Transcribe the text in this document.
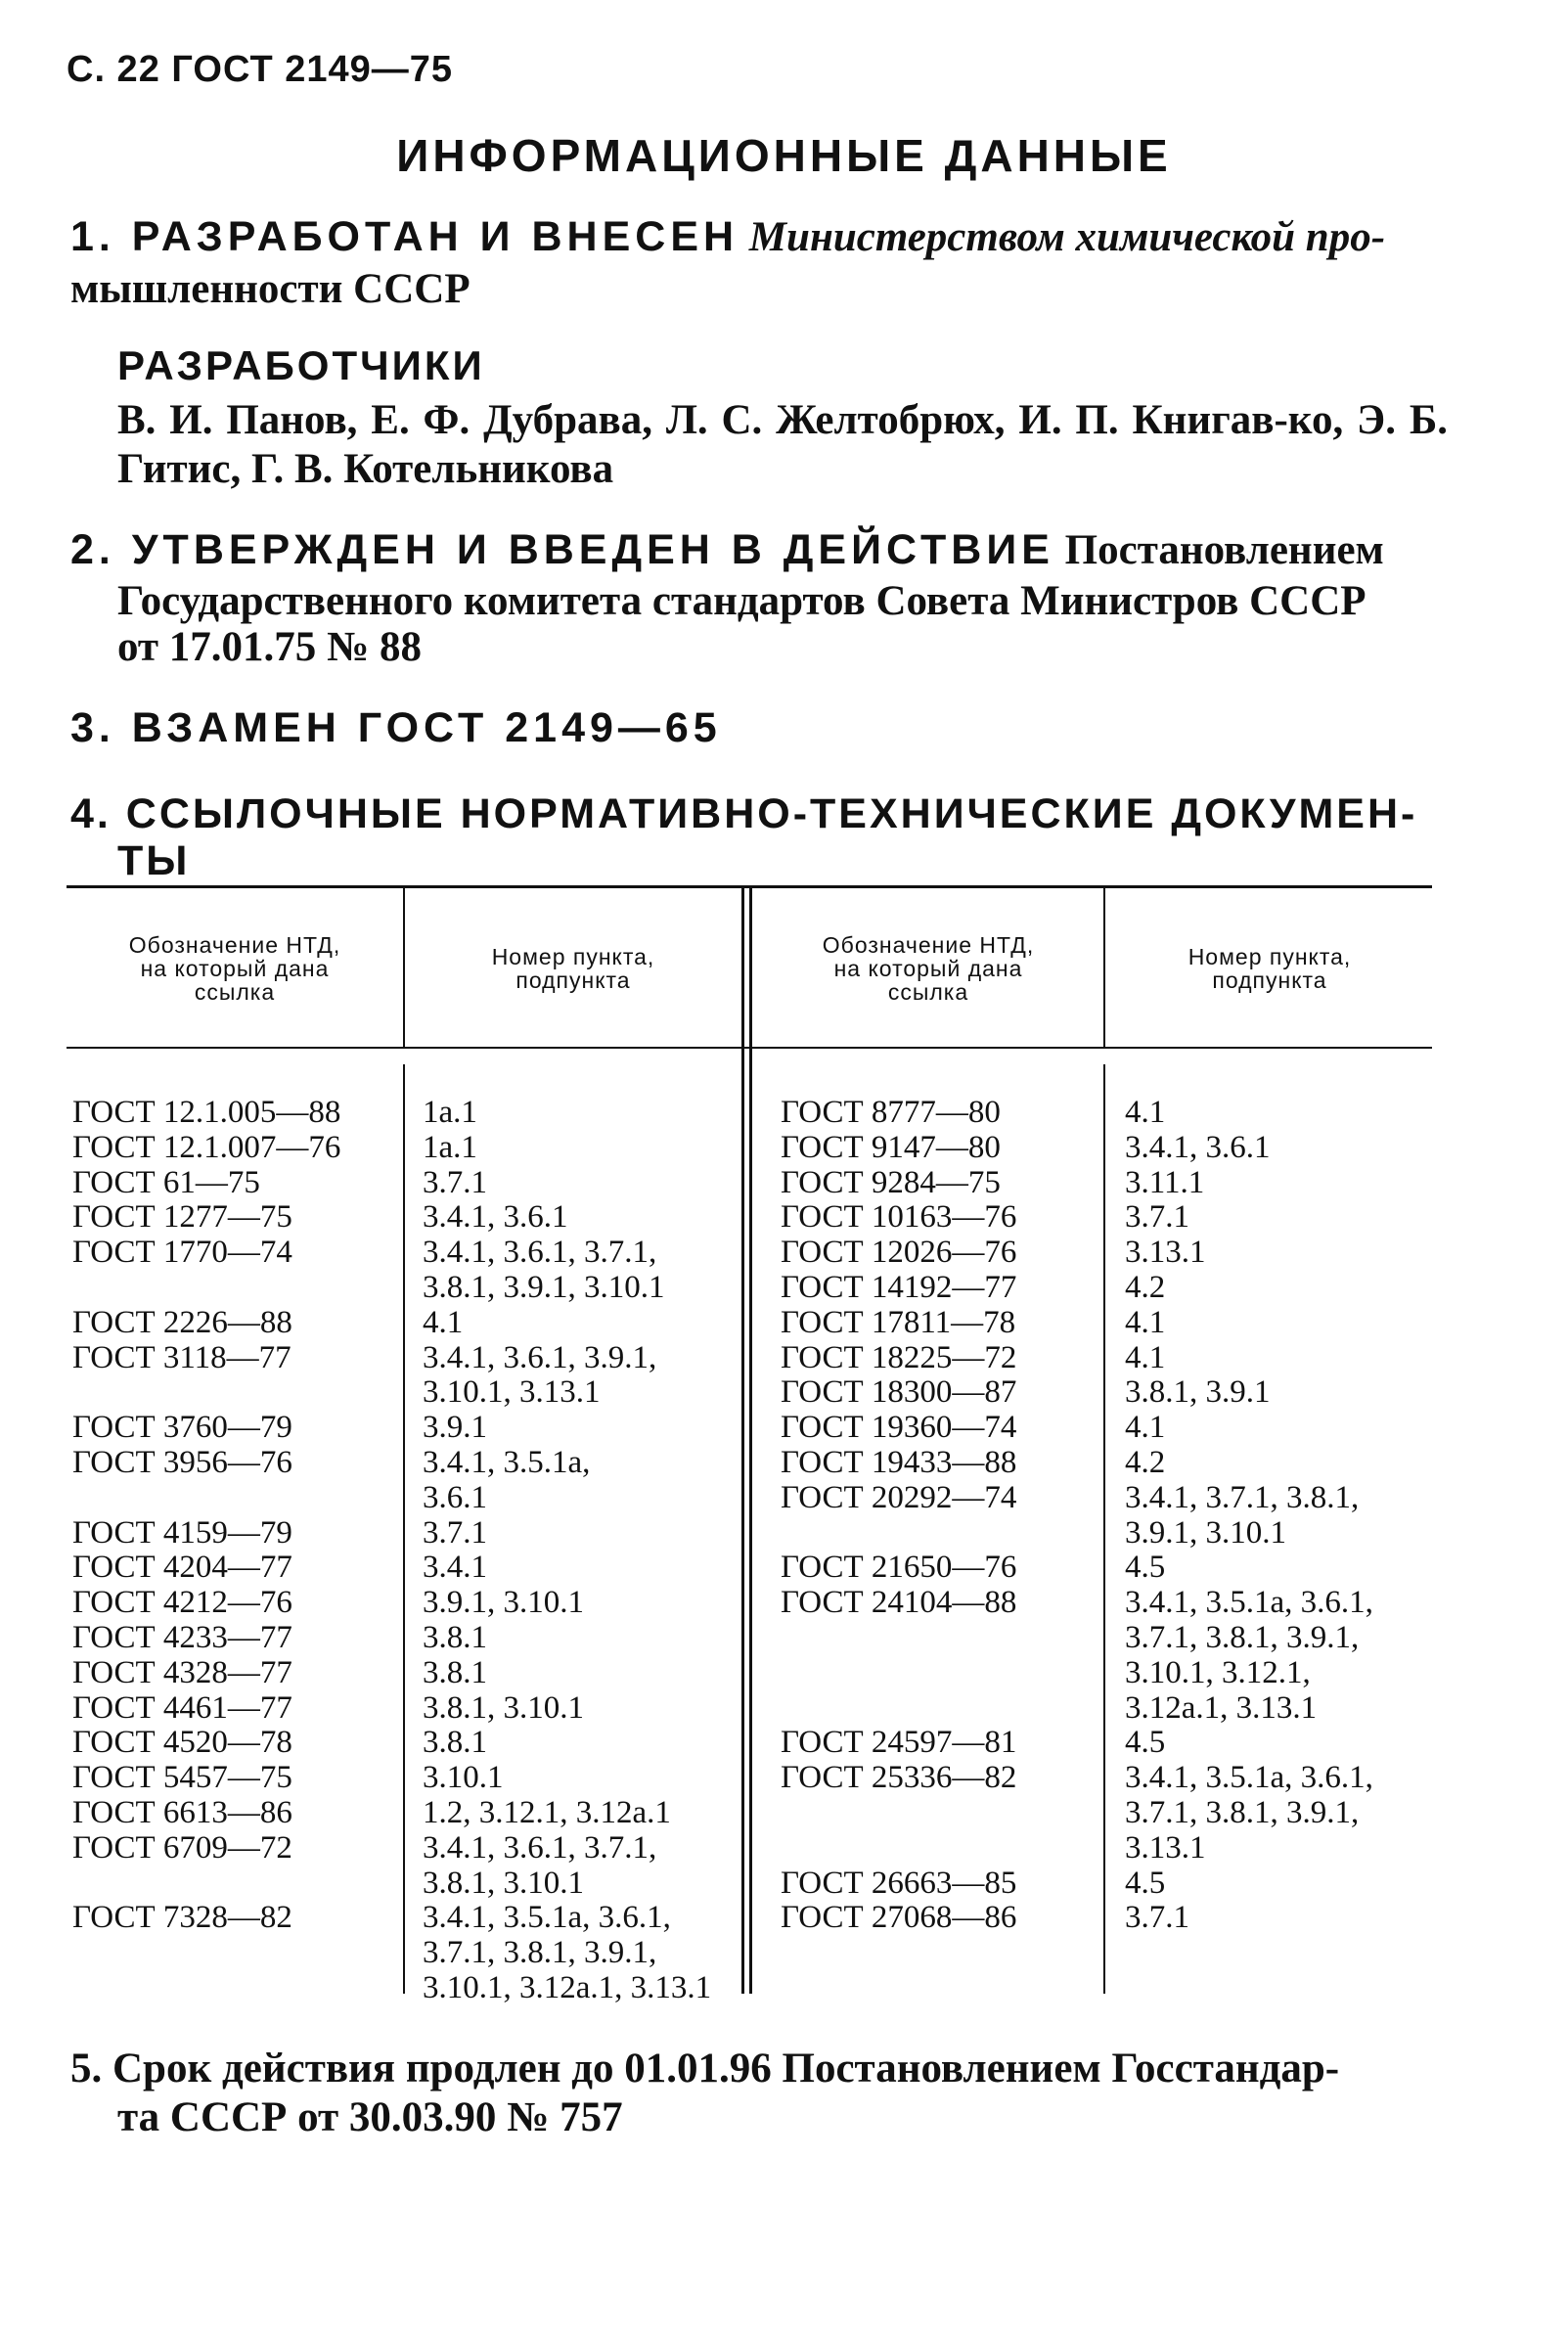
С. 22 ГОСТ 2149—75
ИНФОРМАЦИОННЫЕ ДАННЫЕ
1. РАЗРАБОТАН И ВНЕСЕН Министерством химической про-
мышленности СССР
РАЗРАБОТЧИКИ
В. И. Панов, Е. Ф. Дубрава, Л. С. Желтобрюх, И. П. Книгав-ко, Э. Б. Гитис, Г. В. Котельникова
2. УТВЕРЖДЕН И ВВЕДЕН В ДЕЙСТВИЕ Постановлением
Государственного комитета стандартов Совета Министров СССР
от 17.01.75 № 88
3. ВЗАМЕН ГОСТ 2149—65
4. ССЫЛОЧНЫЕ НОРМАТИВНО-ТЕХНИЧЕСКИЕ ДОКУМЕН-
ТЫ
Обозначение НТД,
на который дана
ссылка
Номер пункта,
подпункта
Обозначение НТД,
на который дана
ссылка
Номер пункта,
подпункта
ГОСТ 12.1.005—88
ГОСТ 12.1.007—76
ГОСТ 61—75
ГОСТ 1277—75
ГОСТ 1770—74
ГОСТ 2226—88
ГОСТ 3118—77
ГОСТ 3760—79
ГОСТ 3956—76
ГОСТ 4159—79
ГОСТ 4204—77
ГОСТ 4212—76
ГОСТ 4233—77
ГОСТ 4328—77
ГОСТ 4461—77
ГОСТ 4520—78
ГОСТ 5457—75
ГОСТ 6613—86
ГОСТ 6709—72
ГОСТ 7328—82
1а.1
1а.1
3.7.1
3.4.1, 3.6.1
3.4.1, 3.6.1, 3.7.1,
3.8.1, 3.9.1, 3.10.1
4.1
3.4.1, 3.6.1, 3.9.1,
3.10.1, 3.13.1
3.9.1
3.4.1, 3.5.1а,
3.6.1
3.7.1
3.4.1
3.9.1, 3.10.1
3.8.1
3.8.1
3.8.1, 3.10.1
3.8.1
3.10.1
1.2, 3.12.1, 3.12а.1
3.4.1, 3.6.1, 3.7.1,
3.8.1, 3.10.1
3.4.1, 3.5.1а, 3.6.1,
3.7.1, 3.8.1, 3.9.1,
3.10.1, 3.12а.1, 3.13.1
ГОСТ 8777—80
ГОСТ 9147—80
ГОСТ 9284—75
ГОСТ 10163—76
ГОСТ 12026—76
ГОСТ 14192—77
ГОСТ 17811—78
ГОСТ 18225—72
ГОСТ 18300—87
ГОСТ 19360—74
ГОСТ 19433—88
ГОСТ 20292—74
ГОСТ 21650—76
ГОСТ 24104—88
ГОСТ 24597—81
ГОСТ 25336—82
ГОСТ 26663—85
ГОСТ 27068—86
4.1
3.4.1, 3.6.1
3.11.1
3.7.1
3.13.1
4.2
4.1
4.1
3.8.1, 3.9.1
4.1
4.2
3.4.1, 3.7.1, 3.8.1,
3.9.1, 3.10.1
4.5
3.4.1, 3.5.1а, 3.6.1,
3.7.1, 3.8.1, 3.9.1,
3.10.1, 3.12.1,
3.12а.1, 3.13.1
4.5
3.4.1, 3.5.1а, 3.6.1,
3.7.1, 3.8.1, 3.9.1,
3.13.1
4.5
3.7.1
5. Срок действия продлен до 01.01.96 Постановлением Госстандар-
та СССР от 30.03.90 № 757
